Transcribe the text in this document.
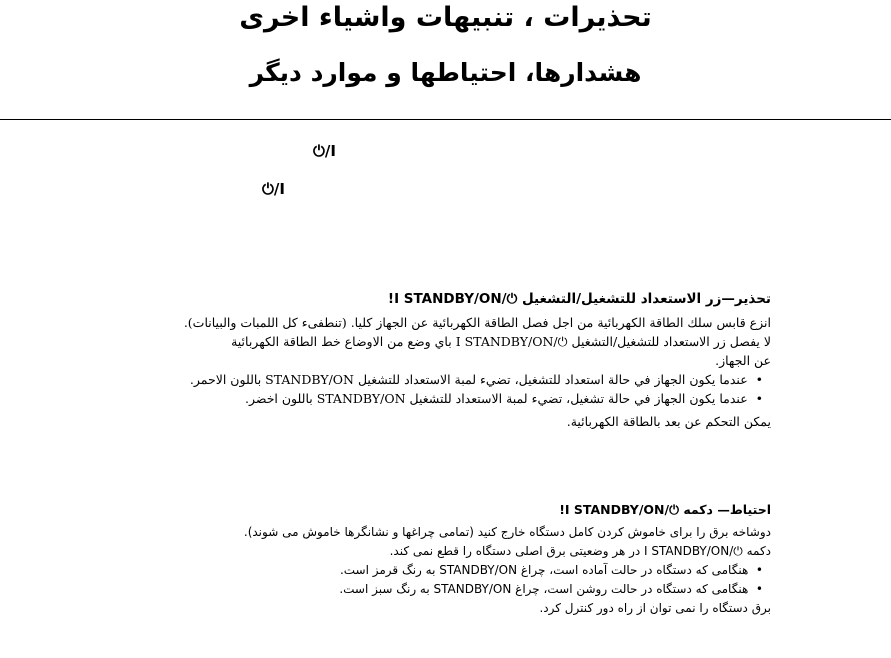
تحذيرات ، تنبيهات واشياء اخرى
هشدارها، احتیاطها و موارد دیگر
⏻/I
⏻/I
تحذير—زر الاستعداد للتشغيل/التشغيل ⏻/I STANDBY/ON!
انزع قابس سلك الطاقة الكهربائية من اجل فصل الطاقة الكهربائية عن الجهاز كليا. (تنطفىء كل اللمبات والبيانات).
لا يفصل زر الاستعداد للتشغيل/التشغيل ⏻/I STANDBY/ON باي وضع من الاوضاع خط الطاقة الكهربائية
عن الجهاز.
•  عندما يكون الجهاز في حالة استعداد للتشغيل، تضيء لمبة الاستعداد للتشغيل STANDBY/ON باللون الاحمر.
•  عندما يكون الجهاز في حالة تشغيل، تضيء لمبة الاستعداد للتشغيل STANDBY/ON باللون اخضر.
يمكن التحكم عن بعد بالطاقة الكهربائية.
احتیاط— دکمه ⏻/I STANDBY/ON!
دوشاخه برق را برای خاموش کردن کامل دستگاه خارج کنید (تمامی چراغها و نشانگرها خاموش می شوند).
دکمه ⏻/I STANDBY/ON در هر وضعیتی برق اصلی دستگاه را قطع نمی کند.
•  هنگامی که دستگاه در حالت آماده است، چراغ STANDBY/ON به رنگ قرمز است.
•  هنگامی که دستگاه در حالت روشن است، چراغ STANDBY/ON به رنگ سبز است.
برق دستگاه را نمی توان از راه دور کنترل کرد.
